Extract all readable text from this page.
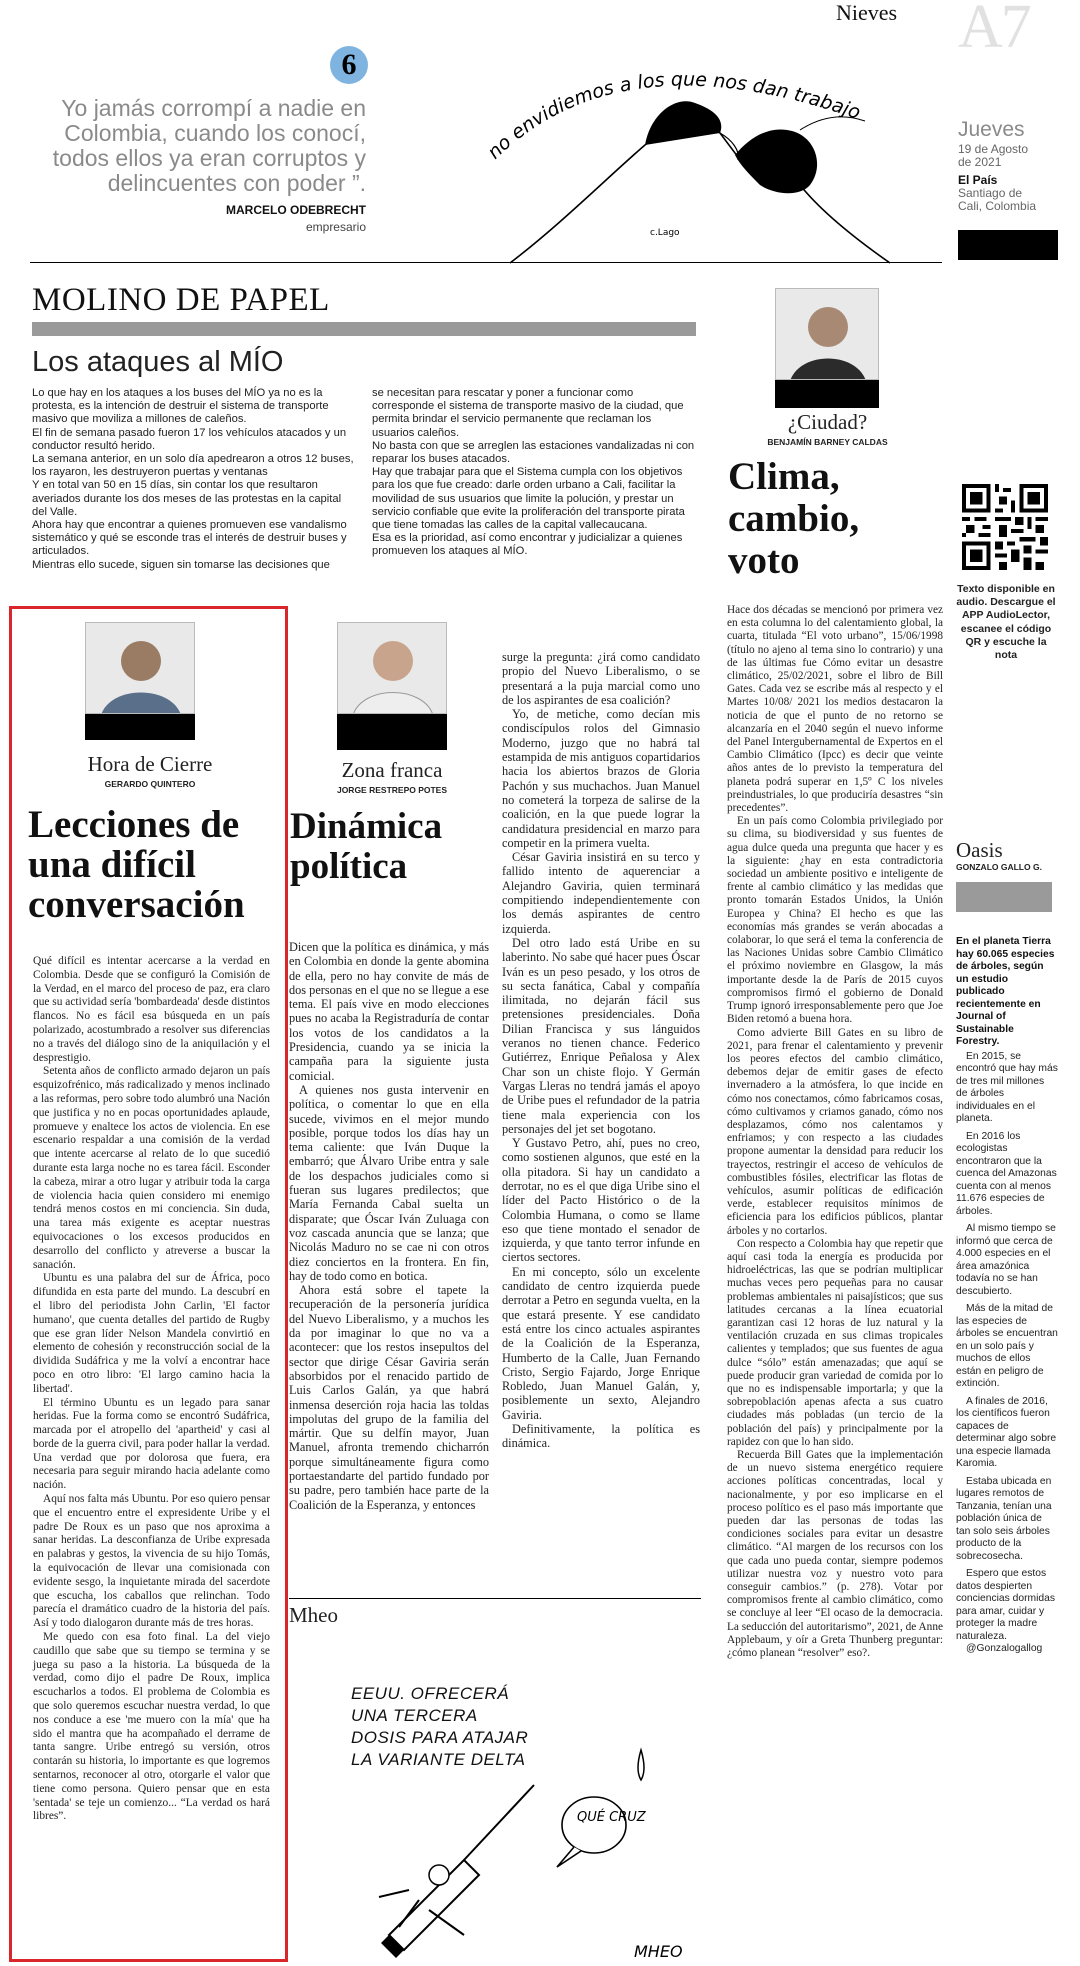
Nieves A7
6
Yo jamás corrompí a nadie en Colombia, cuando los conocí, todos ellos ya eran corruptos y delincuentes con poder ”.
MARCELO ODEBRECHT
empresario
no envidiemos a los que nos dan trabajo
c.Lago
Jueves
19 de Agosto de 2021
El País
Santiago de Cali, Colombia
MOLINO DE PAPEL
Los ataques al MÍO

Lo que hay en los ataques a los buses del MÍO ya no es la protesta, es la intención de destruir el sistema de transporte masivo que moviliza a millones de caleños.

El fin de semana pasado fueron 17 los vehículos atacados y un conductor resultó herido.

La semana anterior, en un solo día apedrearon a otros 12 buses, los rayaron, les destruyeron puertas y ventanas

Y en total van 50 en 15 días, sin contar los que resultaron averiados durante los dos meses de las protestas en la capital del Valle.

Ahora hay que encontrar a quienes promueven ese vandalismo sistemático y qué se esconde tras el interés de destruir buses y articulados.

Mientras ello sucede, siguen sin tomarse las decisiones que

se necesitan para rescatar y poner a funcionar como corresponde el sistema de transporte masivo de la ciudad, que permita brindar el servicio permanente que reclaman los usuarios caleños.

No basta con que se arreglen las estaciones vandalizadas ni con reparar los buses atacados.

Hay que trabajar para que el Sistema cumpla con los objetivos para los que fue creado: darle orden urbano a Cali, facilitar la movilidad de sus usuarios que limite la polución, y prestar un servicio confiable que evite la proliferación del transporte pirata que tiene tomadas las calles de la capital vallecaucana.

Esa es la prioridad, así como encontrar y judicializar a quienes promueven los ataques al MÍO.

Hora de Cierre
GERARDO QUINTERO
Lecciones de una difícil conversación

Qué difícil es intentar acercarse a la verdad en Colombia. Desde que se configuró la Comisión de la Verdad, en el marco del proceso de paz, era claro que su actividad sería 'bombardeada' desde distintos flancos. No es fácil esa búsqueda en un país polarizado, acostumbrado a resolver sus diferencias no a través del diálogo sino de la aniquilación y el desprestigio.

Setenta años de conflicto armado dejaron un país esquizofrénico, más radicalizado y menos inclinado a las reformas, pero sobre todo alumbró una Nación que justifica y no en pocas oportunidades aplaude, promueve y enaltece los actos de violencia. En ese escenario respaldar a una comisión de la verdad que intente acercarse al relato de lo que sucedió durante esta larga noche no es tarea fácil. Esconder la cabeza, mirar a otro lugar y atribuir toda la carga de violencia hacia quien considero mi enemigo tendrá menos costos en mi conciencia. Sin duda, una tarea más exigente es aceptar nuestras equivocaciones o los excesos producidos en desarrollo del conflicto y atreverse a buscar la sanación.

Ubuntu es una palabra del sur de África, poco difundida en esta parte del mundo. La descubrí en el libro del periodista John Carlin, 'El factor humano', que cuenta detalles del partido de Rugby que ese gran líder Nelson Mandela convirtió en elemento de cohesión y reconstrucción social de la dividida Sudáfrica y me la volví a encontrar hace poco en otro libro: 'El largo camino hacia la libertad'.

El término Ubuntu es un legado para sanar heridas. Fue la forma como se encontró Sudáfrica, marcada por el atropello del 'apartheid' y casi al borde de la guerra civil, para poder hallar la verdad. Una verdad que por dolorosa que fuera, era necesaria para seguir mirando hacia adelante como nación.

Aquí nos falta más Ubuntu. Por eso quiero pensar que el encuentro entre el expresidente Uribe y el padre De Roux es un paso que nos aproxima a sanar heridas. La desconfianza de Uribe expresada en palabras y gestos, la vivencia de su hijo Tomás, la equivocación de llevar una comisionada con evidente sesgo, la inquietante mirada del sacerdote que escucha, los caballos que relinchan. Todo parecía el dramático cuadro de la historia del país. Así y todo dialogaron durante más de tres horas.

Me quedo con esa foto final. La del viejo caudillo que sabe que su tiempo se termina y se juega su paso a la historia. La búsqueda de la verdad, como dijo el padre De Roux, implica escucharlos a todos. El problema de Colombia es que solo queremos escuchar nuestra verdad, lo que nos conduce a ese 'me muero con la mía' que ha sido el mantra que ha acompañado el derrame de tanta sangre. Uribe entregó su versión, otros contarán su historia, lo importante es que logremos sentarnos, reconocer al otro, otorgarle el valor que tiene como persona. Quiero pensar que en esta 'sentada' se teje un comienzo... “La verdad os hará libres”.

Zona franca
JORGE RESTREPO POTES
Dinámica política

Dicen que la política es dinámica, y más en Colombia en donde la gente abomina de ella, pero no hay convite de más de dos personas en el que no se llegue a ese tema. El país vive en modo elecciones pues no acaba la Registraduría de contar los votos de los candidatos a la Presidencia, cuando ya se inicia la campaña para la siguiente justa comicial.

A quienes nos gusta intervenir en política, o comentar lo que en ella sucede, vivimos en el mejor mundo posible, porque todos los días hay un tema caliente: que Iván Duque la embarró; que Álvaro Uribe entra y sale de los despachos judiciales como si fueran sus lugares predilectos; que María Fernanda Cabal suelta un disparate; que Óscar Iván Zuluaga con voz cascada anuncia que se lanza; que Nicolás Maduro no se cae ni con otros diez conciertos en la frontera. En fin, hay de todo como en botica.

Ahora está sobre el tapete la recuperación de la personería jurídica del Nuevo Liberalismo, y a muchos les da por imaginar lo que no va a acontecer: que los restos insepultos del sector que dirige César Gaviria serán absorbidos por el renacido partido de Luis Carlos Galán, ya que habrá inmensa deserción roja hacia las toldas impolutas del grupo de la familia del mártir. Que su delfín mayor, Juan Manuel, afronta tremendo chicharrón porque simultáneamente figura como portaestandarte del partido fundado por su padre, pero también hace parte de la Coalición de la Esperanza, y entonces

surge la pregunta: ¿irá como candidato propio del Nuevo Liberalismo, o se presentará a la puja marcial como uno de los aspirantes de esa coalición?

Yo, de metiche, como decían mis condiscípulos rolos del Gimnasio Moderno, juzgo que no habrá tal estampida de mis antiguos copartidarios hacia los abiertos brazos de Gloria Pachón y sus muchachos. Juan Manuel no cometerá la torpeza de salirse de la coalición, en la que puede lograr la candidatura presidencial en marzo para competir en la primera vuelta.

César Gaviria insistirá en su terco y fallido intento de aquerenciar a Alejandro Gaviria, quien terminará compitiendo independientemente con los demás aspirantes de centro izquierda.

Del otro lado está Uribe en su laberinto. No sabe qué hacer pues Óscar Iván es un peso pesado, y los otros de su secta fanática, Cabal y compañía ilimitada, no dejarán fácil sus pretensiones presidenciales. Doña Dilian Francisca y sus lánguidos veranos no tienen chance. Federico Gutiérrez, Enrique Peñalosa y Alex Char son un chiste flojo. Y Germán Vargas Lleras no tendrá jamás el apoyo de Uribe pues el refundador de la patria tiene mala experiencia con los personajes del jet set bogotano.

Y Gustavo Petro, ahí, pues no creo, como sostienen algunos, que esté en la olla pitadora. Si hay un candidato a derrotar, no es el que diga Uribe sino el líder del Pacto Histórico o de la Colombia Humana, o como se llame eso que tiene montado el senador de izquierda, y que tanto terror infunde en ciertos sectores.

En mi concepto, sólo un excelente candidato de centro izquierda puede derrotar a Petro en segunda vuelta, en la que estará presente. Y ese candidato está entre los cinco actuales aspirantes de la Coalición de la Esperanza, Humberto de la Calle, Juan Fernando Cristo, Sergio Fajardo, Jorge Enrique Robledo, Juan Manuel Galán, y, posiblemente un sexto, Alejandro Gaviria.

Definitivamente, la política es dinámica.

Mheo
EEUU. OFRECERÁ UNA TERCERA DOSIS PARA ATAJAR LA VARIANTE DELTA
QUÉ CRUZ
MHEO
¿Ciudad?
BENJAMÍN BARNEY CALDAS
Clima, cambio, voto

Hace dos décadas se mencionó por primera vez en esta columna lo del calentamiento global, la cuarta, titulada “El voto urbano”, 15/06/1998 (título no ajeno al tema sino lo contrario) y una de las últimas fue Cómo evitar un desastre climático, 25/02/2021, sobre el libro de Bill Gates. Cada vez se escribe más al respecto y el Martes 10/08/ 2021 los medios destacaron la noticia de que el punto de no retorno se alcanzaría en el 2040 según el nuevo informe del Panel Intergubernamental de Expertos en el Cambio Climático (Ipcc) es decir que veinte años antes de lo previsto la temperatura del planeta podrá superar en 1,5º C los niveles preindustriales, lo que produciría desastres “sin precedentes”.

En un país como Colombia privilegiado por su clima, su biodiversidad y sus fuentes de agua dulce queda una pregunta que hacer y es la siguiente: ¿hay en esta contradictoria sociedad un ambiente positivo e inteligente de frente al cambio climático y las medidas que pronto tomarán Estados Unidos, la Unión Europea y China? El hecho es que las economías más grandes se verán abocadas a colaborar, lo que será el tema la conferencia de las Naciones Unidas sobre Cambio Climático el próximo noviembre en Glasgow, la más importante desde la de París de 2015 cuyos compromisos firmó el gobierno de Donald Trump ignoró irresponsablemente pero que Joe Biden retomó a buena hora.

Como advierte Bill Gates en su libro de 2021, para frenar el calentamiento y prevenir los peores efectos del cambio climático, debemos dejar de emitir gases de efecto invernadero a la atmósfera, lo que incide en cómo nos conectamos, cómo fabricamos cosas, cómo cultivamos y criamos ganado, cómo nos desplazamos, cómo nos calentamos y enfriamos; y con respecto a las ciudades propone aumentar la densidad para reducir los trayectos, restringir el acceso de vehículos de combustibles fósiles, electrificar las flotas de vehículos, asumir políticas de edificación verde, establecer requisitos mínimos de eficiencia para los edificios públicos, plantar árboles y no cortarlos.

Con respecto a Colombia hay que repetir que aquí casi toda la energía es producida por hidroeléctricas, las que se podrían multiplicar muchas veces pero pequeñas para no causar problemas ambientales ni paisajísticos; que sus latitudes cercanas a la línea ecuatorial garantizan casi 12 horas de luz natural y la ventilación cruzada en sus climas tropicales calientes y templados; que sus fuentes de agua dulce “sólo” están amenazadas; que aquí se puede producir gran variedad de comida por lo que no es indispensable importarla; y que la sobrepoblación apenas afecta a sus cuatro ciudades más pobladas (un tercio de la población del país) y principalmente por la rapidez con que lo han sido.

Recuerda Bill Gates que la implementación de un nuevo sistema energético requiere acciones políticas concentradas, local y nacionalmente, y por eso implicarse en el proceso político es el paso más importante que pueden dar las personas de todas las condiciones sociales para evitar un desastre climático. “Al margen de los recursos con los que cada uno pueda contar, siempre podemos utilizar nuestra voz y nuestro voto para conseguir cambios.” (p. 278). Votar por compromisos frente al cambio climático, como se concluye al leer “El ocaso de la democracia. La seducción del autoritarismo”, 2021, de Anne Applebaum, y oír a Greta Thunberg preguntar: ¿cómo planean “resolver” eso?.

Texto disponible en audio. Descargue el APP AudioLector, escanee el código QR y escuche la nota
Oasis
GONZALO GALLO G.

En el planeta Tierra hay 60.065 especies de árboles, según un estudio publicado recientemente en Journal of Sustainable Forestry.

En 2015, se encontró que hay más de tres mil millones de árboles individuales en el planeta.

En 2016 los ecologistas encontraron que la cuenca del Amazonas cuenta con al menos 11.676 especies de árboles.

Al mismo tiempo se informó que cerca de 4.000 especies en el área amazónica todavía no se han descubierto.

Más de la mitad de las especies de árboles se encuentran en un solo país y muchos de ellos están en peligro de extinción.

A finales de 2016, los científicos fueron capaces de determinar algo sobre una especie llamada Karomia.

Estaba ubicada en lugares remotos de Tanzania, tenían una población única de tan solo seis árboles producto de la sobrecosecha.

Espero que estos datos despierten conciencias dormidas para amar, cuidar y proteger la madre naturaleza.

@Gonzalogallog
